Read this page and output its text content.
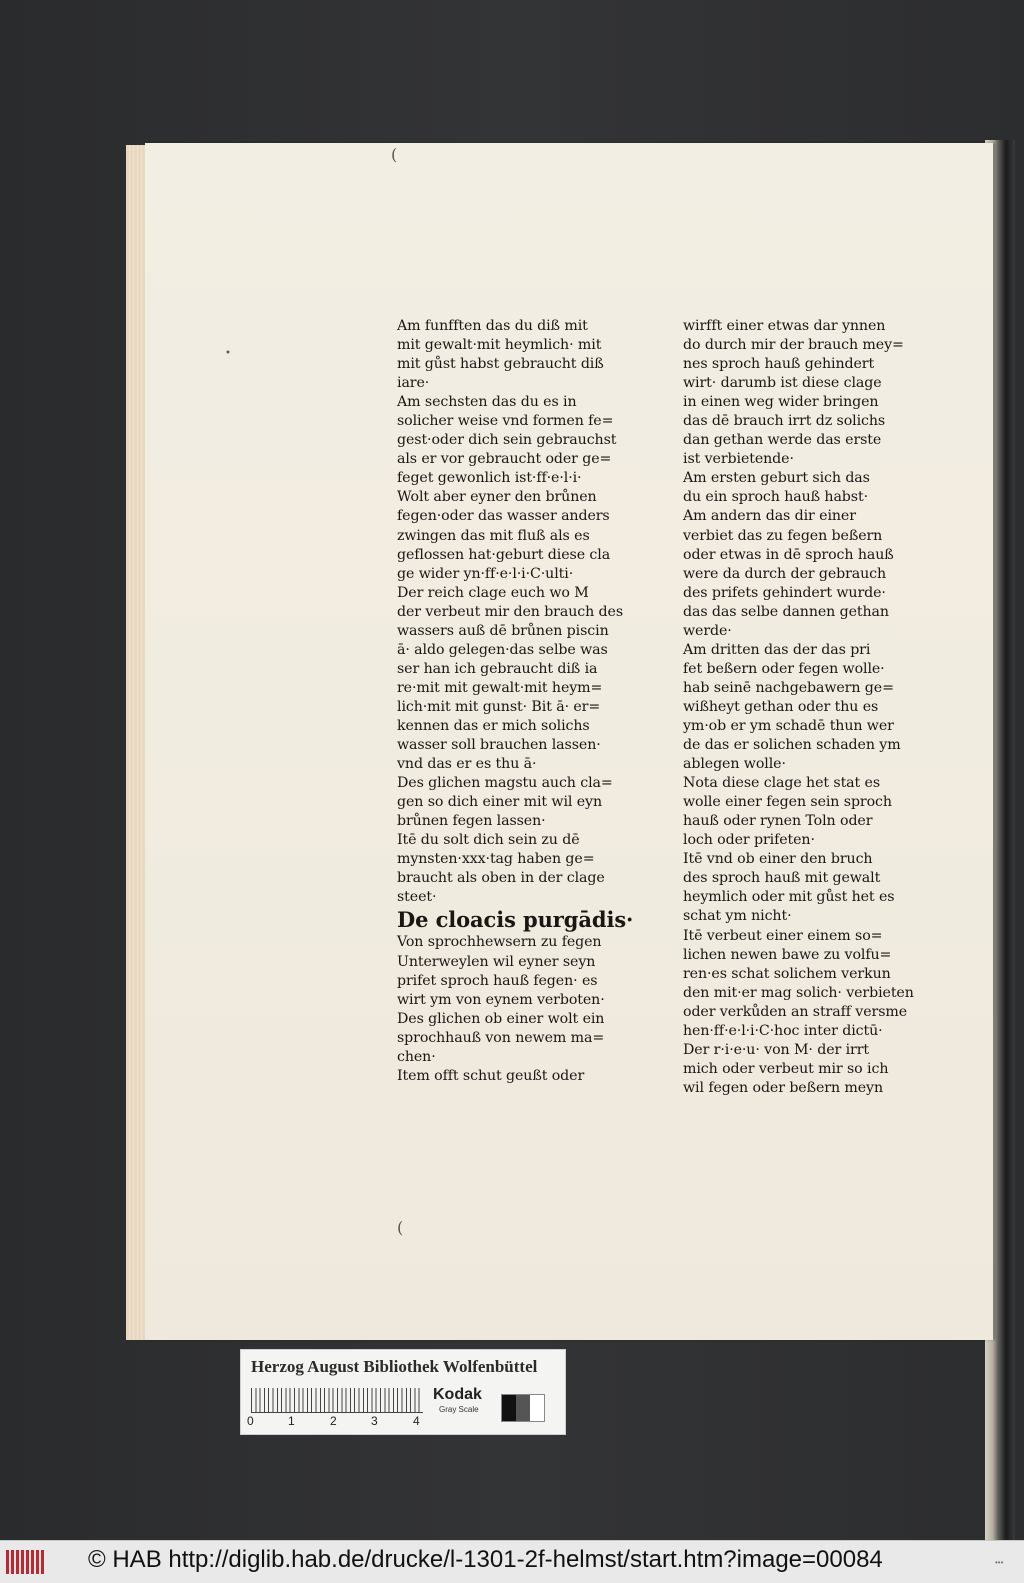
(
•
(

Am funfften das du diß mit

mit gewalt·mit heymlich· mit

mit gůst habst gebraucht diß

iare·

Am sechsten das du es in

solicher weise vnd formen fe=

gest·oder dich sein gebrauchst

als er vor gebraucht oder ge=

feget gewonlich ist·ff·e·l·i·

Wolt aber eyner den brůnen

fegen·oder das wasser anders

zwingen das mit fluß als es

geflossen hat·geburt diese cla

ge wider yn·ff·e·l·i·C·ulti·

Der reich clage euch wo M

der verbeut mir den brauch des

wassers auß dē brůnen piscin

ā· aldo gelegen·das selbe was

ser han ich gebraucht diß ia

re·mit mit gewalt·mit heym=

lich·mit mit gunst· Bit ā· er=

kennen das er mich solichs

wasser soll brauchen lassen·

vnd das er es thu ā·

Des glichen magstu auch cla=

gen so dich einer mit wil eyn

brůnen fegen lassen·

Itē du solt dich sein zu dē

mynsten·xxx·tag haben ge=

braucht als oben in der clage

steet·

De cloacis purgādis·

Von sprochhewsern zu fegen

Unterweylen wil eyner seyn

prifet sproch hauß fegen· es

wirt ym von eynem verboten·

Des glichen ob einer wolt ein

sprochhauß von newem ma=

chen·

Item offt schut geußt oder

wirfft einer etwas dar ynnen

do durch mir der brauch mey=

nes sproch hauß gehindert

wirt· darumb ist diese clage

in einen weg wider bringen

das dē brauch irrt dz solichs

dan gethan werde das erste

ist verbietende·

Am ersten geburt sich das

du ein sproch hauß habst·

Am andern das dir einer

verbiet das zu fegen beßern

oder etwas in dē sproch hauß

were da durch der gebrauch

des prifets gehindert wurde·

das das selbe dannen gethan

werde·

Am dritten das der das pri

fet beßern oder fegen wolle·

hab seinē nachgebawern ge=

wißheyt gethan oder thu es

ym·ob er ym schadē thun wer

de das er solichen schaden ym

ablegen wolle·

Nota diese clage het stat es

wolle einer fegen sein sproch

hauß oder rynen Toln oder

loch oder prifeten·

Itē vnd ob einer den bruch

des sproch hauß mit gewalt

heymlich oder mit gůst het es

schat ym nicht·

Itē verbeut einer einem so=

lichen newen bawe zu volfu=

ren·es schat solichem verkun

den mit·er mag solich· verbieten

oder verkůden an straff versme

hen·ff·e·l·i·C·hoc inter dictū·

Der r·i·e·u· von M· der irrt

mich oder verbeut mir so ich

wil fegen oder beßern meyn

Herzog August Bibliothek Wolfenbüttel
0	1	2	3	4
Kodak
Gray Scale
© HAB http://diglib.hab.de/drucke/l-1301-2f-helmst/start.htm?image=00084	•••
